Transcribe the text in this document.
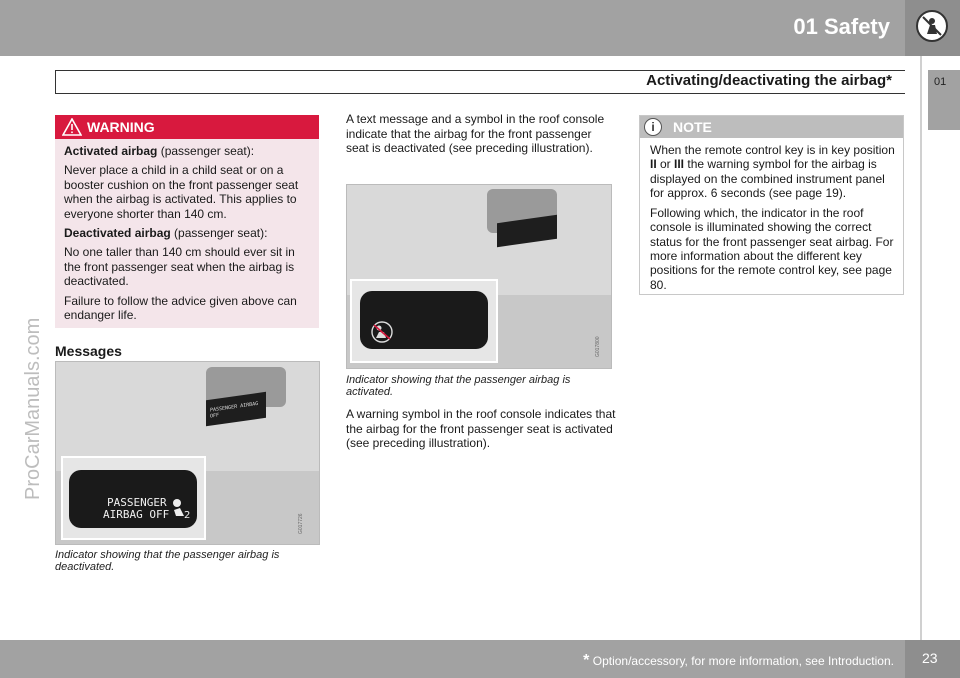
01 Safety
Activating/deactivating the airbag*	01
ProCarManuals.com
WARNING

Activated airbag (passenger seat):

Never place a child in a child seat or on a booster cushion on the front passenger seat when the airbag is activated. This applies to everyone shorter than 140 cm.

Deactivated airbag (passenger seat):

No one taller than 140 cm should ever sit in the front passenger seat when the airbag is deactivated.

Failure to follow the advice given above can endanger life.

Messages
PASSENGER AIRBAG OFF
G017726
PASSENGER
AIRBAG OFF 2
Indicator showing that the passenger airbag is deactivated.
A text message and a symbol in the roof console indicate that the airbag for the front passenger seat is deactivated (see preceding illustration).
G017800
Indicator showing that the passenger airbag is activated.
A warning symbol in the roof console indicates that the airbag for the front passenger seat is activated (see preceding illustration).
i	NOTE

When the remote control key is in key position II or III the warning symbol for the airbag is displayed on the combined instrument panel for approx. 6 seconds (see page 19).

Following which, the indicator in the roof console is illuminated showing the correct status for the front passenger seat airbag. For more information about the different key positions for the remote control key, see page 80.

* Option/accessory, for more information, see Introduction. 23
